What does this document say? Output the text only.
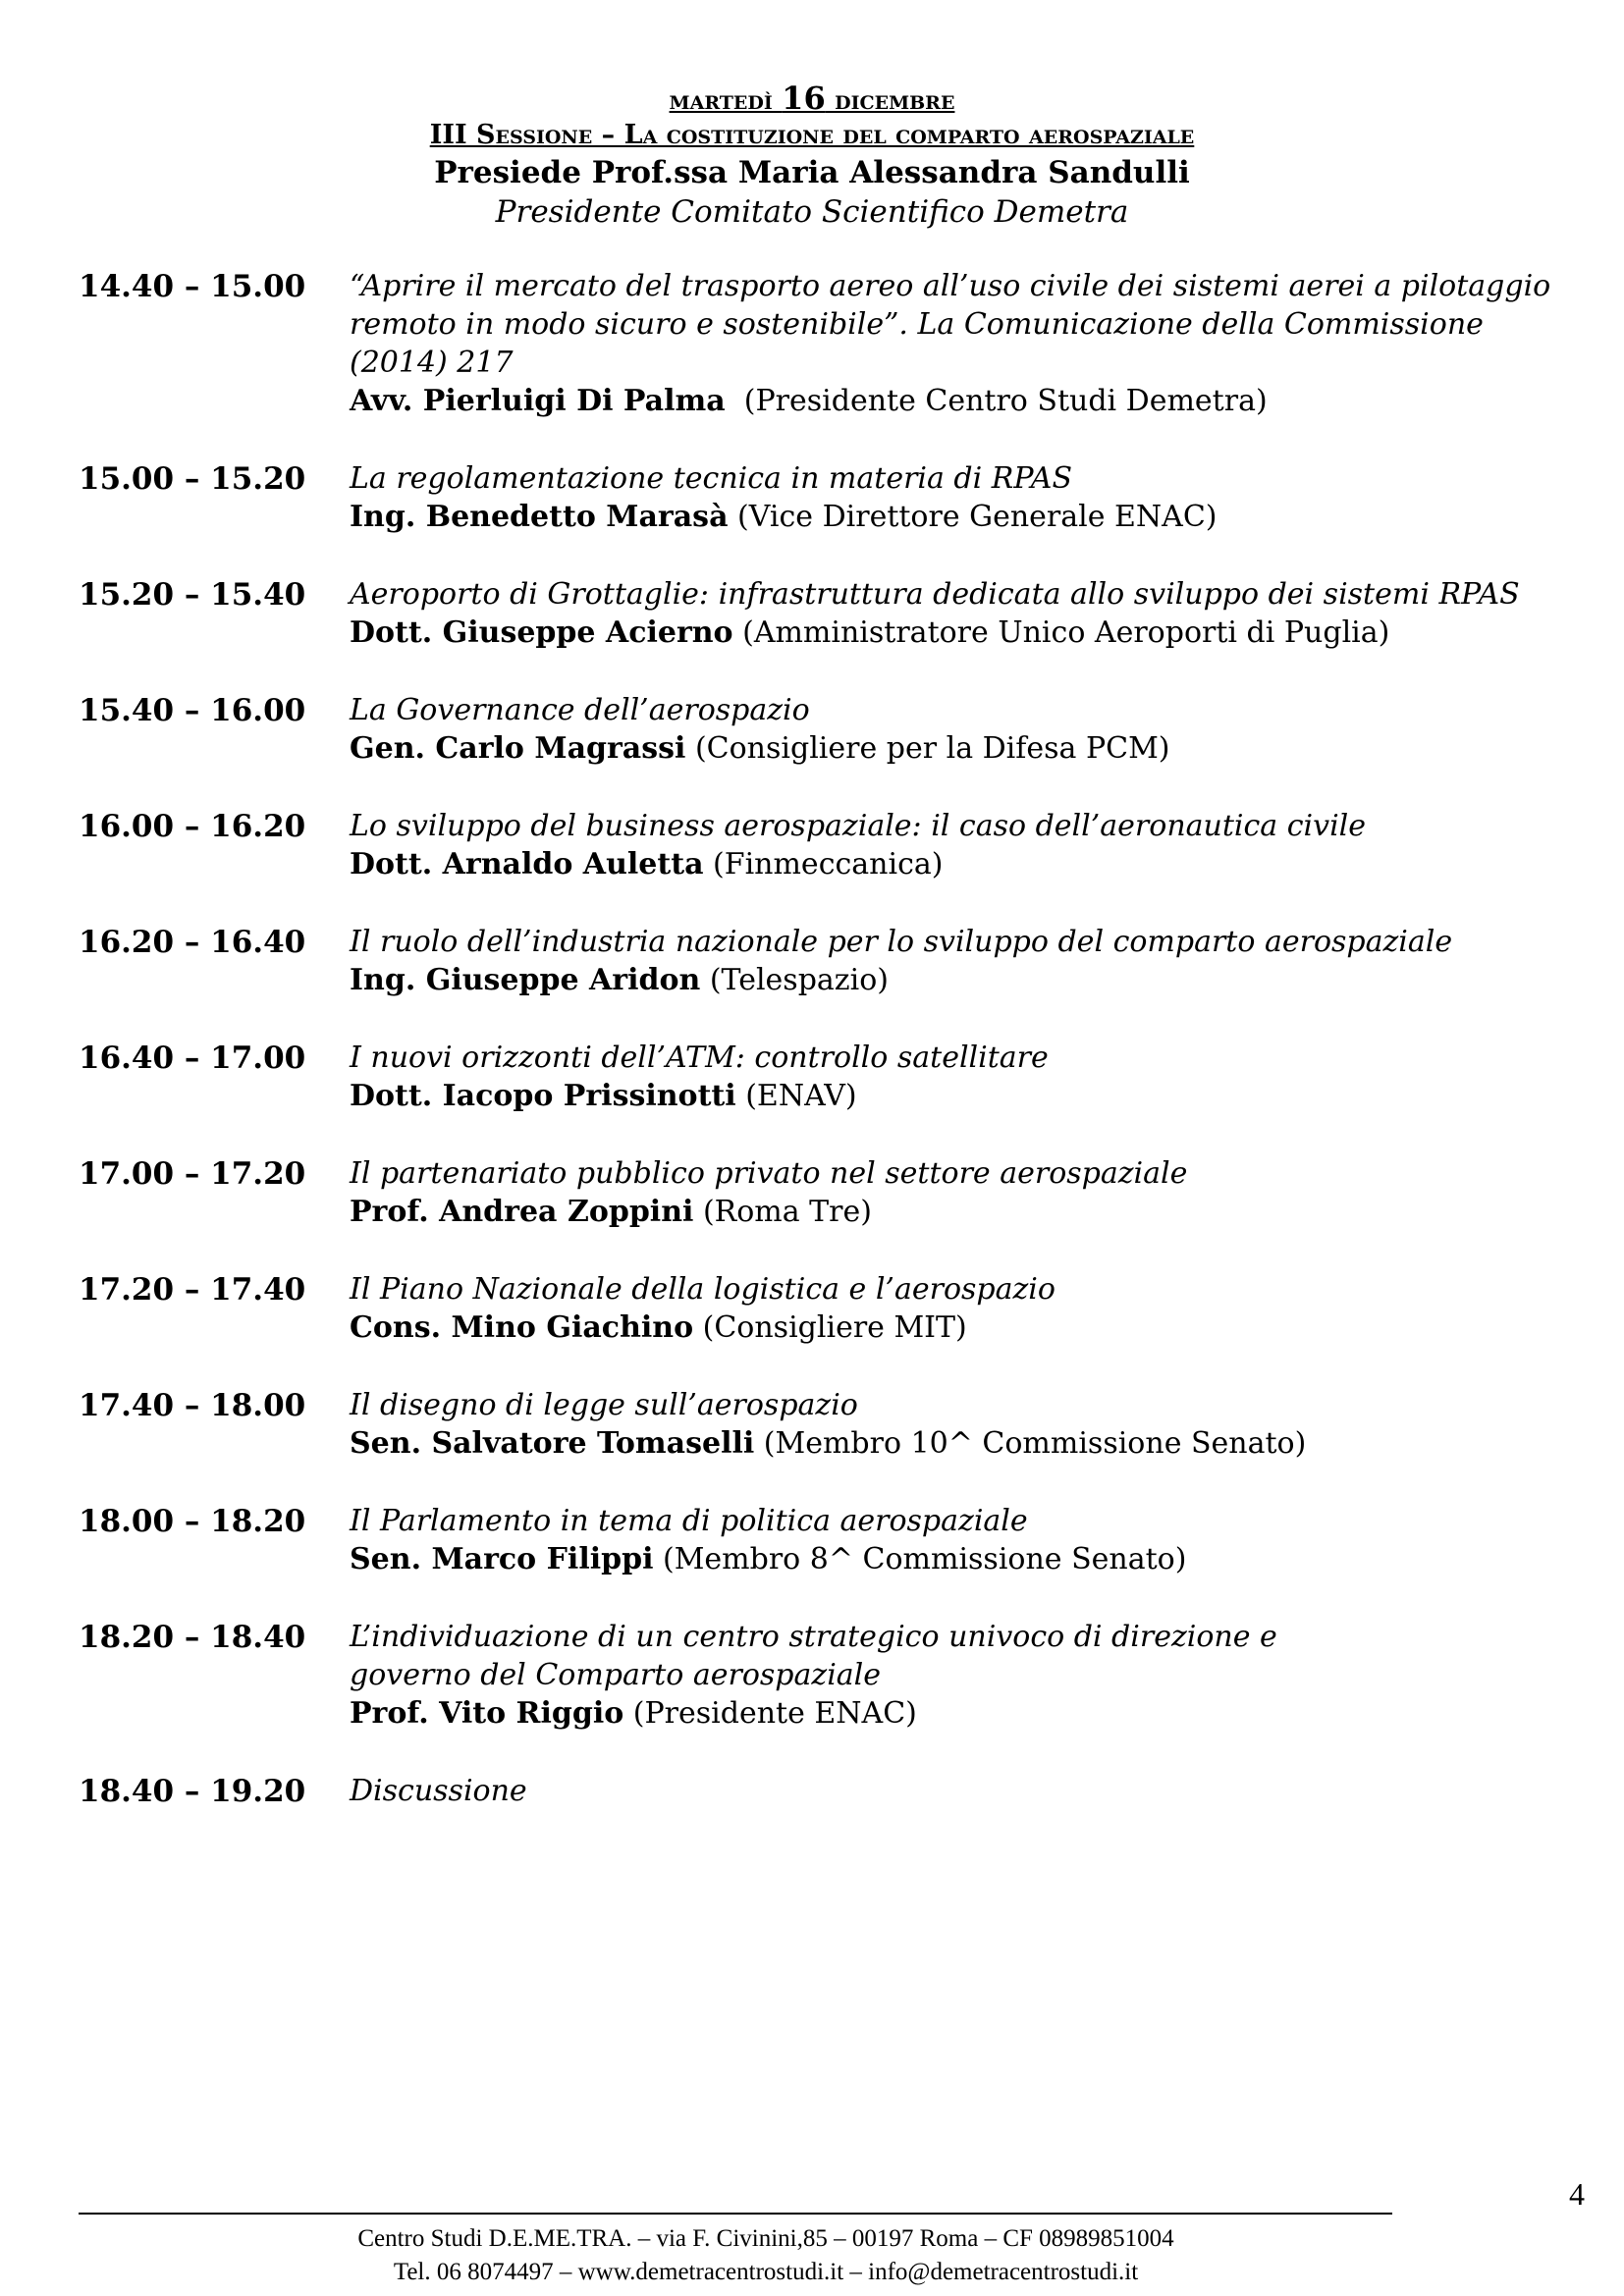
martedì 16 dicembre
III Sessione – La costituzione del comparto aerospaziale
Presiede Prof.ssa Maria Alessandra Sandulli
Presidente Comitato Scientifico Demetra
14.40 – 15.00 “Aprire il mercato del trasporto aereo all’uso civile dei sistemi aerei a pilotaggio
remoto in modo sicuro e sostenibile”. La Comunicazione della Commissione
(2014) 217
Avv. Pierluigi Di Palma  (Presidente Centro Studi Demetra)
15.00 – 15.20 La regolamentazione tecnica in materia di RPAS
Ing. Benedetto Marasà (Vice Direttore Generale ENAC)
15.20 – 15.40 Aeroporto di Grottaglie: infrastruttura dedicata allo sviluppo dei sistemi RPAS
Dott. Giuseppe Acierno (Amministratore Unico Aeroporti di Puglia)
15.40 – 16.00 La Governance dell’aerospazio
Gen. Carlo Magrassi (Consigliere per la Difesa PCM)
16.00 – 16.20 Lo sviluppo del business aerospaziale: il caso dell’aeronautica civile
Dott. Arnaldo Auletta (Finmeccanica)
16.20 – 16.40 Il ruolo dell’industria nazionale per lo sviluppo del comparto aerospaziale
Ing. Giuseppe Aridon (Telespazio)
16.40 – 17.00 I nuovi orizzonti dell’ATM: controllo satellitare
Dott. Iacopo Prissinotti (ENAV)
17.00 – 17.20 Il partenariato pubblico privato nel settore aerospaziale
Prof. Andrea Zoppini (Roma Tre)
17.20 – 17.40 Il Piano Nazionale della logistica e l’aerospazio
Cons. Mino Giachino (Consigliere MIT)
17.40 – 18.00 Il disegno di legge sull’aerospazio
Sen. Salvatore Tomaselli (Membro 10^ Commissione Senato)
18.00 – 18.20 Il Parlamento in tema di politica aerospaziale
Sen. Marco Filippi (Membro 8^ Commissione Senato)
18.20 – 18.40 L’individuazione di un centro strategico univoco di direzione e
governo del Comparto aerospaziale
Prof. Vito Riggio (Presidente ENAC)
18.40 – 19.20 Discussione
4
Centro Studi D.E.ME.TRA. – via F. Civinini,85 – 00197 Roma – CF 08989851004
Tel. 06 8074497 – www.demetracentrostudi.it – info@demetracentrostudi.it
